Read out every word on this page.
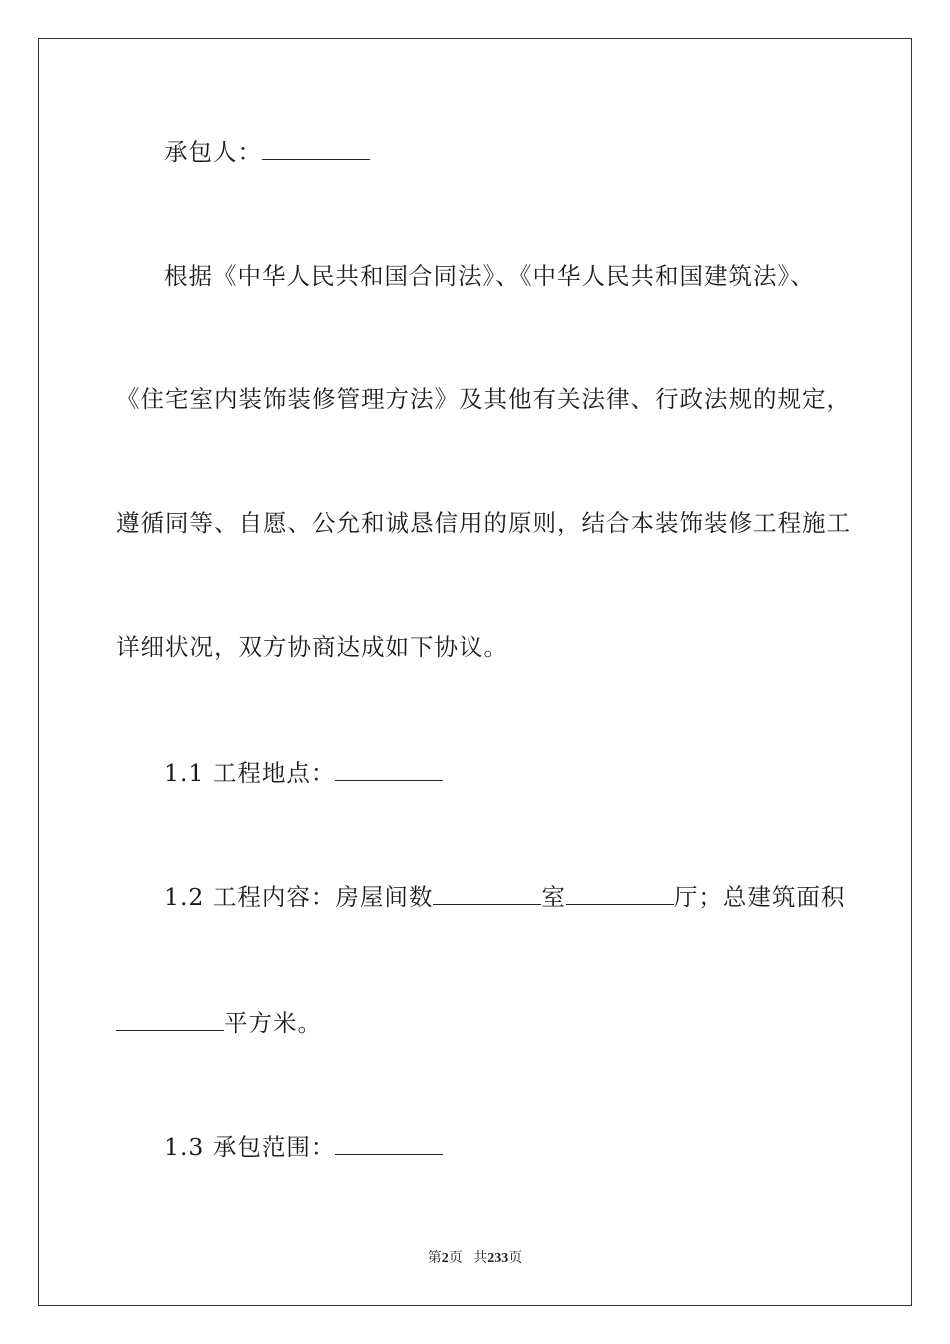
承包人：
根据《中华人民共和国合同法》、《中华人民共和国建筑法》、
《住宅室内装饰装修管理方法》及其他有关法律、行政法规的规定，
遵循同等、自愿、公允和诚恳信用的原则，结合本装饰装修工程施工
详细状况，双方协商达成如下协议。
1.1 工程地点：
1.2 工程内容：房屋间数	室	厅；总建筑面积
平方米。
1.3 承包范围：
第2页 共233页
